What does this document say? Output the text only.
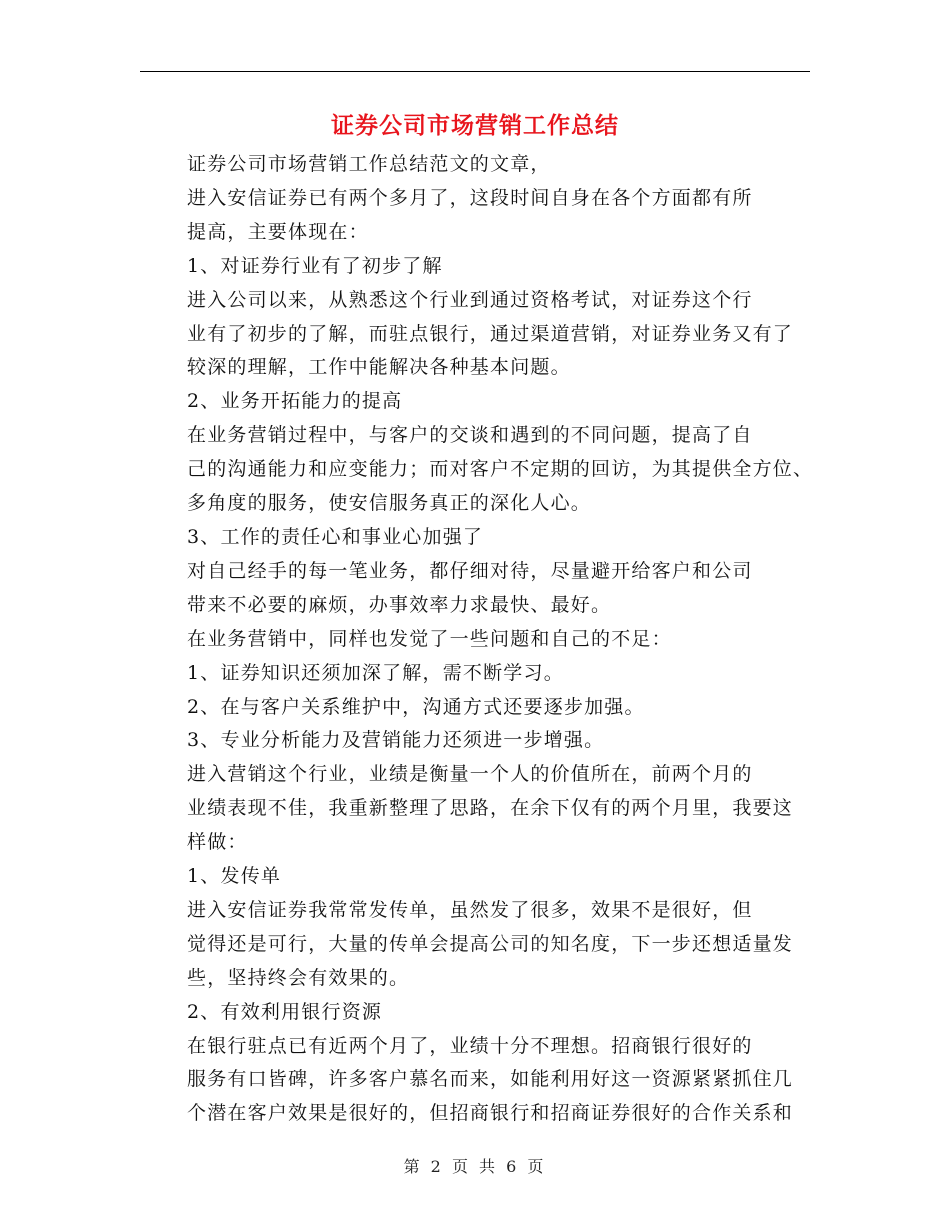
证券公司市场营销工作总结

证券公司市场营销工作总结范文的文章，

进入安信证券已有两个多月了，这段时间自身在各个方面都有所
提高，主要体现在：

1、对证券行业有了初步了解

进入公司以来，从熟悉这个行业到通过资格考试，对证券这个行
业有了初步的了解，而驻点银行，通过渠道营销，对证券业务又有了
较深的理解，工作中能解决各种基本问题。

2、业务开拓能力的提高

在业务营销过程中，与客户的交谈和遇到的不同问题，提高了自
己的沟通能力和应变能力；而对客户不定期的回访，为其提供全方位、
多角度的服务，使安信服务真正的深化人心。

3、工作的责任心和事业心加强了

对自己经手的每一笔业务，都仔细对待，尽量避开给客户和公司
带来不必要的麻烦，办事效率力求最快、最好。

在业务营销中，同样也发觉了一些问题和自己的不足：

1、证券知识还须加深了解，需不断学习。

2、在与客户关系维护中，沟通方式还要逐步加强。

3、专业分析能力及营销能力还须进一步增强。

进入营销这个行业，业绩是衡量一个人的价值所在，前两个月的
业绩表现不佳，我重新整理了思路，在余下仅有的两个月里，我要这
样做：

1、发传单

进入安信证券我常常发传单，虽然发了很多，效果不是很好，但
觉得还是可行，大量的传单会提高公司的知名度，下一步还想适量发
些，坚持终会有效果的。

2、有效利用银行资源

在银行驻点已有近两个月了，业绩十分不理想。招商银行很好的
服务有口皆碑，许多客户慕名而来，如能利用好这一资源紧紧抓住几
个潜在客户效果是很好的，但招商银行和招商证券很好的合作关系和

第 2 页 共 6 页
